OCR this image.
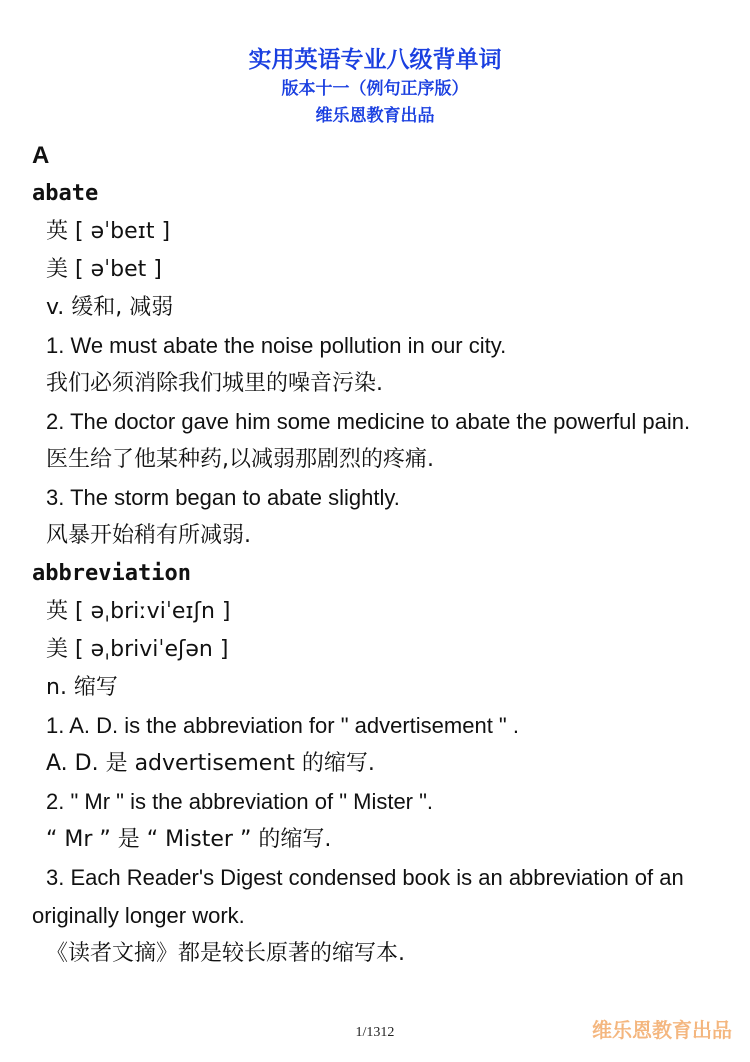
实用英语专业八级背单词
版本十一（例句正序版）
维乐恩教育出品
A
abate
英 [ əˈbeɪt ]
美 [ əˈbet ]
v. 缓和, 减弱
1. We must abate the noise pollution in our city.
我们必须消除我们城里的噪音污染.
2. The doctor gave him some medicine to abate the powerful pain.
医生给了他某种药,以减弱那剧烈的疼痛.
3. The storm began to abate slightly.
风暴开始稍有所减弱.
abbreviation
英 [ əˌbriːviˈeɪʃn ]
美 [ əˌbriviˈeʃən ]
n. 缩写
1. A. D. is the abbreviation for " advertisement " .
A. D. 是 advertisement 的缩写.
2. " Mr " is the abbreviation of " Mister ".
“ Mr ” 是 “ Mister ” 的缩写.
3. Each Reader's Digest condensed book is an abbreviation of an originally longer work.
《读者文摘》都是较长原著的缩写本.
1/1312	维乐恩教育出品
